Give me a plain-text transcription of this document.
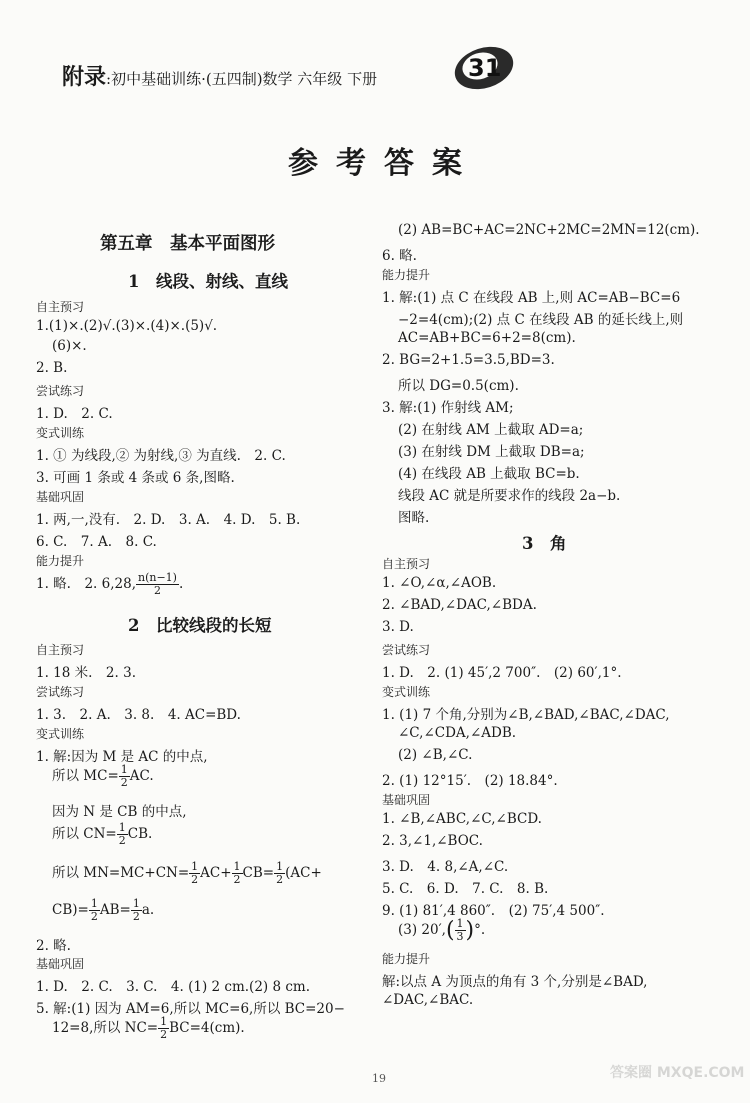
附录:初中基础训练·(五四制)数学 六年级 下册	31
参考答案
第五章　基本平面图形
1　线段、射线、直线
自主预习
1.(1)×.(2)√.(3)×.(4)×.(5)√.
(6)×.
2. B.
尝试练习
1. D.　2. C.
变式训练
1. ① 为线段,② 为射线,③ 为直线.　2. C.
3. 可画 1 条或 4 条或 6 条,图略.
基础巩固
1. 两,一,没有.　2. D.　3. A.　4. D.　5. B.
6. C.　7. A.　8. C.
能力提升
2　比较线段的长短
自主预习
1. 18 米.　2. 3.
尝试练习
1. 3.　2. A.　3. 8.　4. AC=BD.
变式训练
1. 解:因为 M 是 AC 的中点,
因为 N 是 CB 的中点,
2. 略.
基础巩固
1. D.　2. C.　3. C.　4. (1) 2 cm.(2) 8 cm.
5. 解:(1) 因为 AM=6,所以 MC=6,所以 BC=20−
(2) AB=BC+AC=2NC+2MC=2MN=12(cm).
6. 略.
能力提升
1. 解:(1) 点 C 在线段 AB 上,则 AC=AB−BC=6
−2=4(cm);(2) 点 C 在线段 AB 的延长线上,则
AC=AB+BC=6+2=8(cm).
2. BG=2+1.5=3.5,BD=3.
所以 DG=0.5(cm).
3. 解:(1) 作射线 AM;
(2) 在射线 AM 上截取 AD=a;
(3) 在射线 DM 上截取 DB=a;
(4) 在线段 AB 上截取 BC=b.
线段 AC 就是所要求作的线段 2a−b.
图略.
3　角
自主预习
1. ∠O,∠α,∠AOB.
2. ∠BAD,∠DAC,∠BDA.
3. D.
尝试练习
1. D.　2. (1) 45′,2 700″.　(2) 60′,1°.
变式训练
1. (1) 7 个角,分别为∠B,∠BAD,∠BAC,∠DAC,
∠C,∠CDA,∠ADB.
(2) ∠B,∠C.
2. (1) 12°15′.　(2) 18.84°.
基础巩固
1. ∠B,∠ABC,∠C,∠BCD.
2. 3,∠1,∠BOC.
3. D.　4. 8,∠A,∠C.
5. C.　6. D.　7. C.　8. B.
9. (1) 81′,4 860″.　(2) 75′,4 500″.
能力提升
解:以点 A 为顶点的角有 3 个,分别是∠BAD,
∠DAC,∠BAC.
1. 略.　2. 6,28, $\frac{n(n-1)}{2}$ .
所以 $MC= \frac{1}{2}$ AC.
所以 $CN= \frac{1}{2}$ CB.
所以 $MN=MC+CN= \frac{1}{2} AC+ \frac{1}{2} CB= \frac{1}{2} (AC+$
$CB)= \frac{1}{2} AB= \frac{1}{2} a$.
12=8,所以 $NC= \frac{1}{2} BC=4(cm)$.
(3) $20',( \frac{1}{3}$ )°.
19	答案圈 MXQE.COM
